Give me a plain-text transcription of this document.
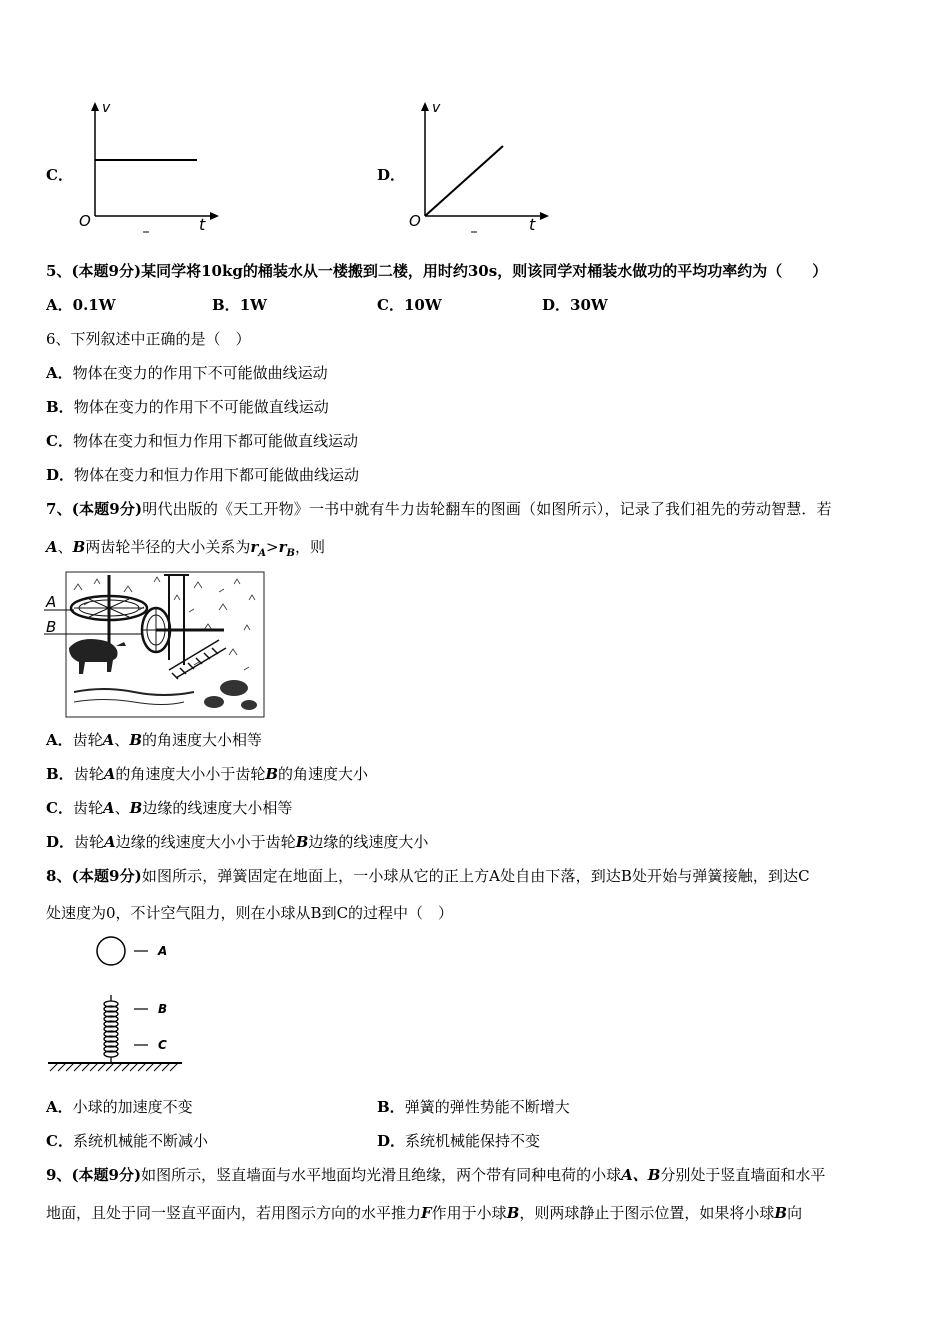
C．
v
O	t
D．
v
O	t
5、(本题9分)某同学将10kg的桶装水从一楼搬到二楼，用时约30s，则该同学对桶装水做功的平均功率约为（　　）
A．0.1W	B．1W	C．10W	D．30W
6、下列叙述中正确的是（　）
A．物体在变力的作用下不可能做曲线运动
B．物体在变力的作用下不可能做直线运动
C．物体在变力和恒力作用下都可能做直线运动
D．物体在变力和恒力作用下都可能做曲线运动
7、(本题9分)明代出版的《天工开物》一书中就有牛力齿轮翻车的图画（如图所示），记录了我们祖先的劳动智慧．若
A、B两齿轮半径的大小关系为$r_A>r_B$，则
A
B
A．齿轮A、B的角速度大小相等
B．齿轮A的角速度大小小于齿轮B的角速度大小
C．齿轮A、B边缘的线速度大小相等
D．齿轮A边缘的线速度大小小于齿轮B边缘的线速度大小
8、(本题9分)如图所示，弹簧固定在地面上，一小球从它的正上方A处自由下落，到达B处开始与弹簧接触，到达C
处速度为0，不计空气阻力，则在小球从B到C的过程中（　）
A
B
C
A．小球的加速度不变	B．弹簧的弹性势能不断增大
C．系统机械能不断减小	D．系统机械能保持不变
9、(本题9分)如图所示，竖直墙面与水平地面均光滑且绝缘，两个带有同种电荷的小球A、B分别处于竖直墙面和水平
地面，且处于同一竖直平面内，若用图示方向的水平推力F作用于小球B，则两球静止于图示位置，如果将小球B向
